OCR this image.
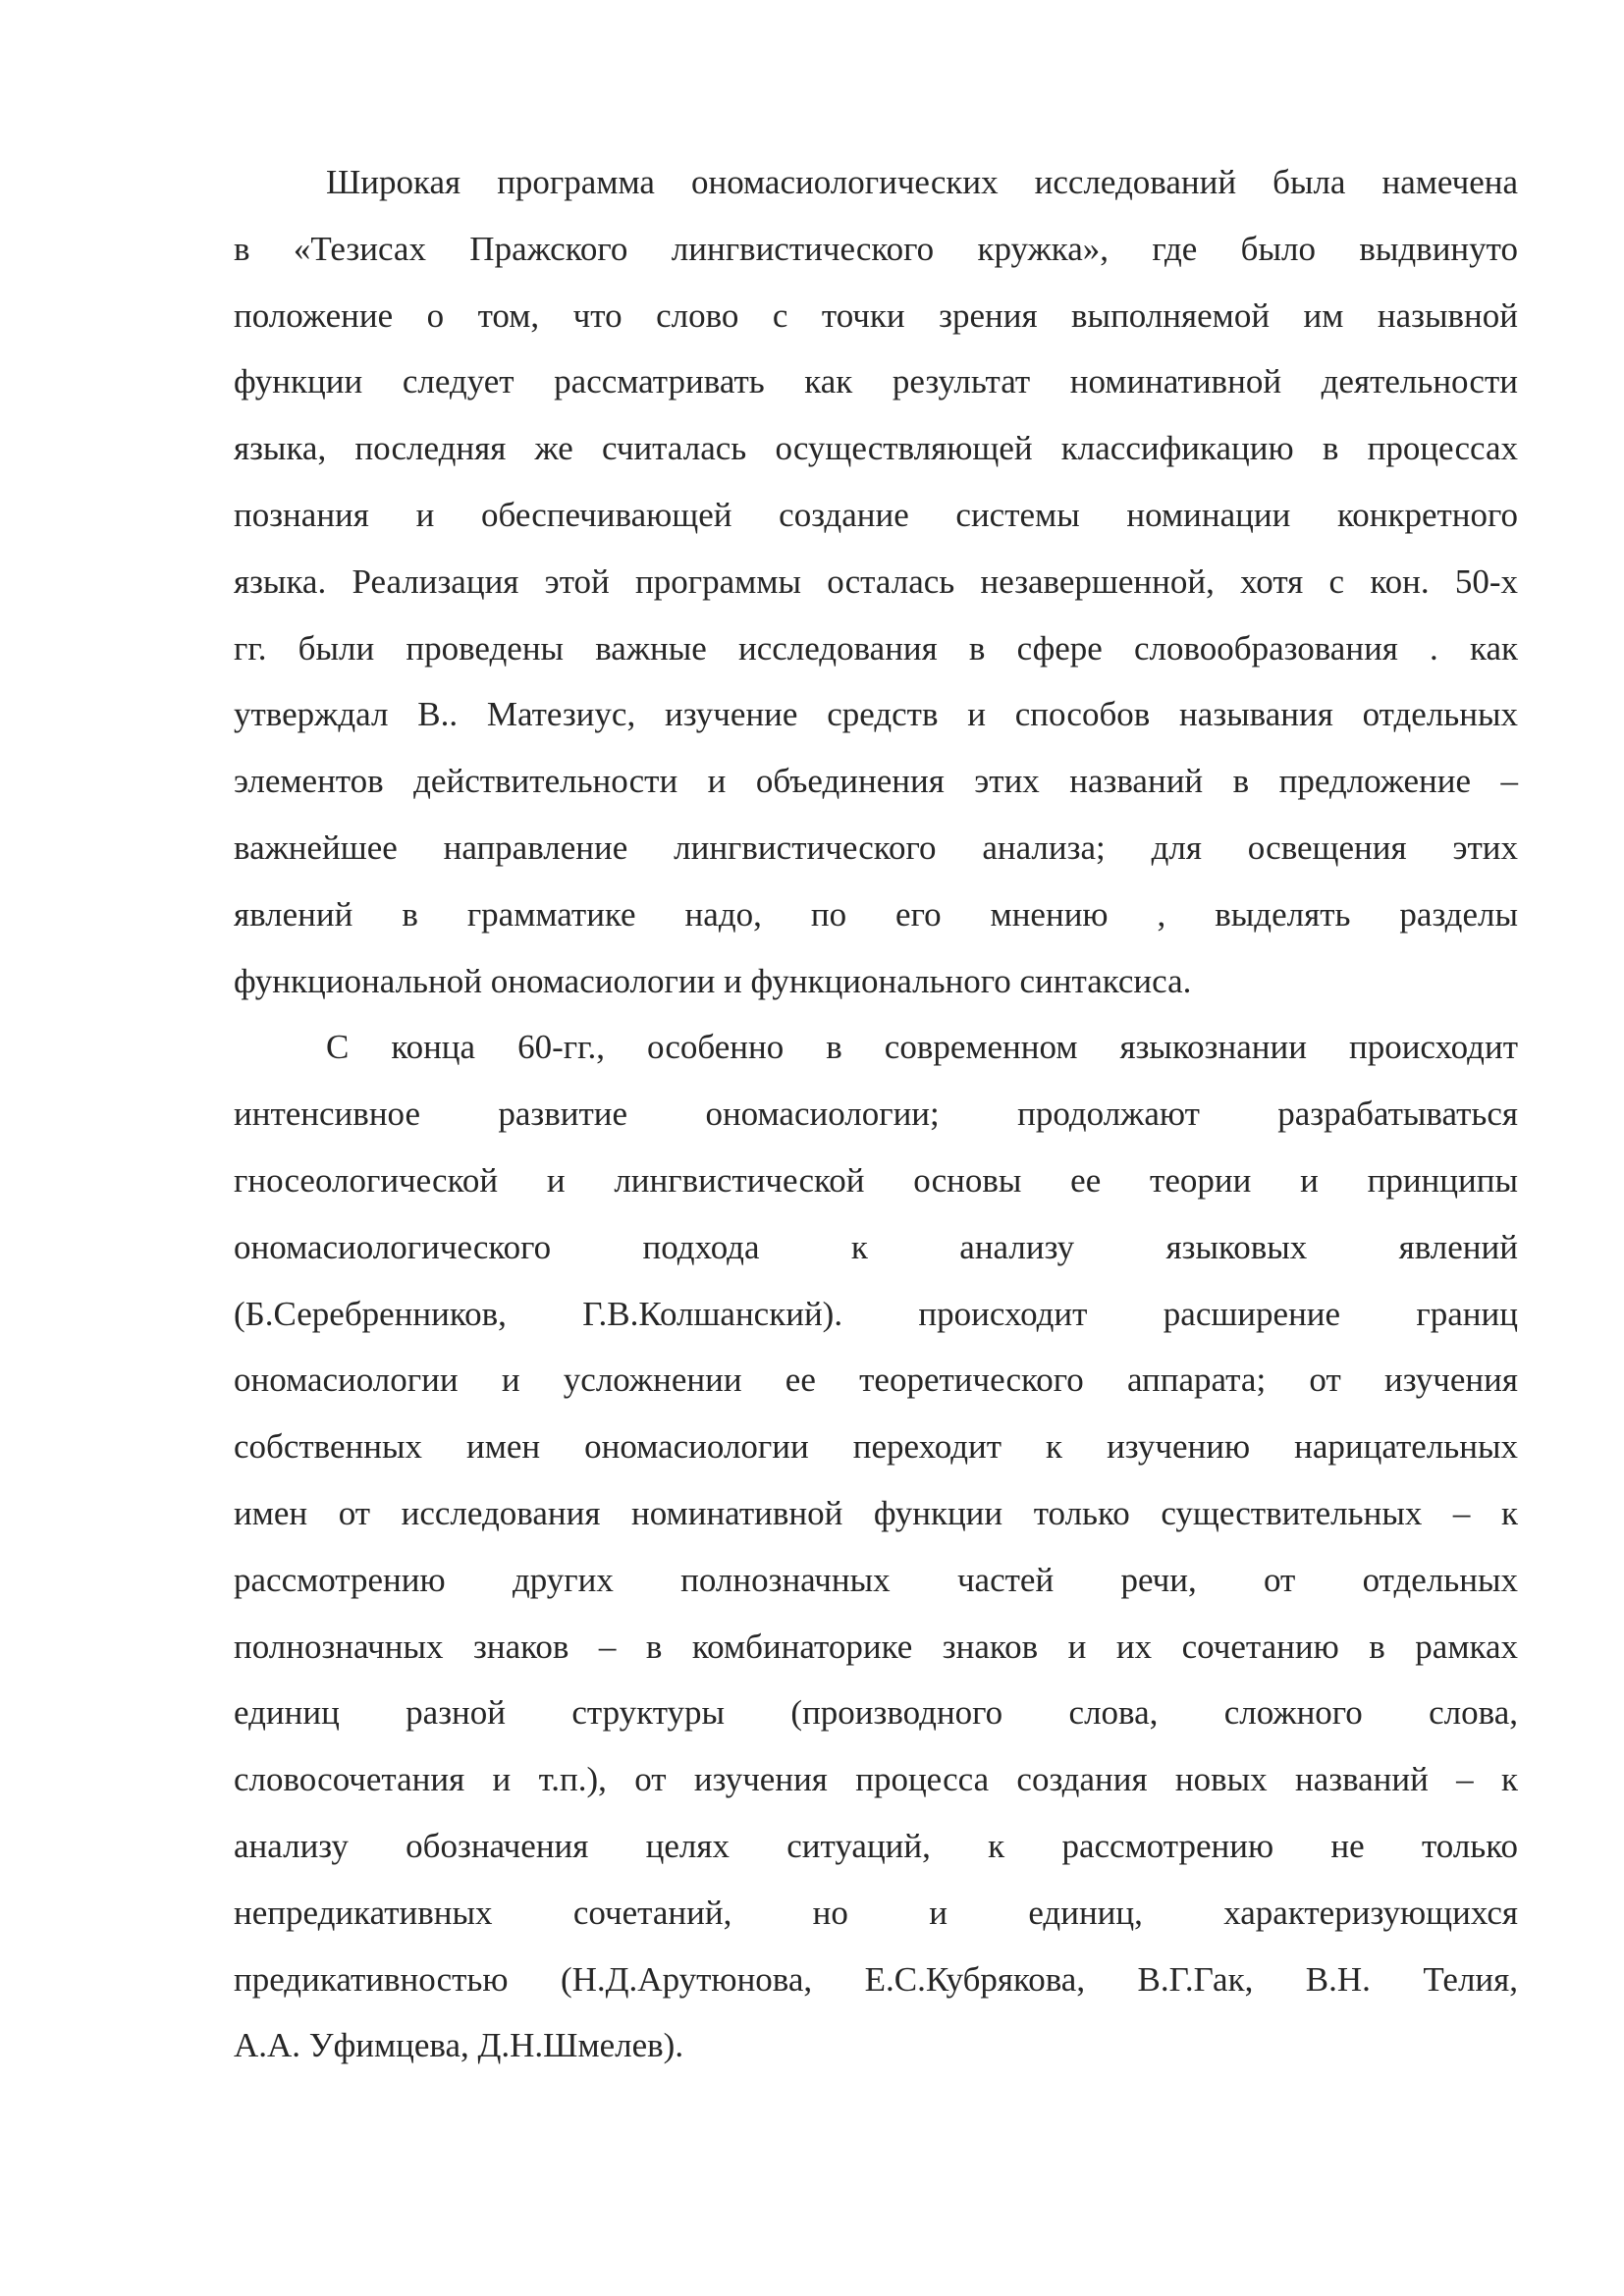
Широкая программа ономасиологических исследований была намечена
в «Тезисах Пражского лингвистического кружка», где было выдвинуто
положение о том, что слово с точки зрения выполняемой им назывной
функции следует рассматривать как результат номинативной деятельности
языка, последняя же считалась осуществляющей классификацию в процессах
познания и обеспечивающей создание системы номинации конкретного
языка. Реализация этой программы осталась незавершенной, хотя с кон. 50-х
гг. были проведены важные исследования в сфере словообразования . как
утверждал В.. Матезиус, изучение средств и способов называния отдельных
элементов действительности и объединения этих названий в предложение –
важнейшее направление лингвистического анализа; для освещения этих
явлений в грамматике надо, по его мнению , выделять разделы
функциональной ономасиологии и функционального синтаксиса.
С конца 60-гг., особенно в современном языкознании происходит
интенсивное развитие ономасиологии; продолжают разрабатываться
гносеологической и лингвистической основы ее теории и принципы
ономасиологического подхода к анализу языковых явлений
(Б.Серебренников, Г.В.Колшанский). происходит расширение границ
ономасиологии и усложнении ее теоретического аппарата; от изучения
собственных имен ономасиологии переходит к изучению нарицательных
имен от исследования номинативной функции только существительных – к
рассмотрению других полнозначных частей речи, от отдельных
полнозначных знаков – в комбинаторике знаков и их сочетанию в рамках
единиц разной структуры (производного слова, сложного слова,
словосочетания и т.п.), от изучения процесса создания новых названий – к
анализу обозначения целях ситуаций, к рассмотрению не только
непредикативных сочетаний, но и единиц, характеризующихся
предикативностью (Н.Д.Арутюнова, Е.С.Кубрякова, В.Г.Гак, В.Н. Телия,
А.А. Уфимцева, Д.Н.Шмелев).
